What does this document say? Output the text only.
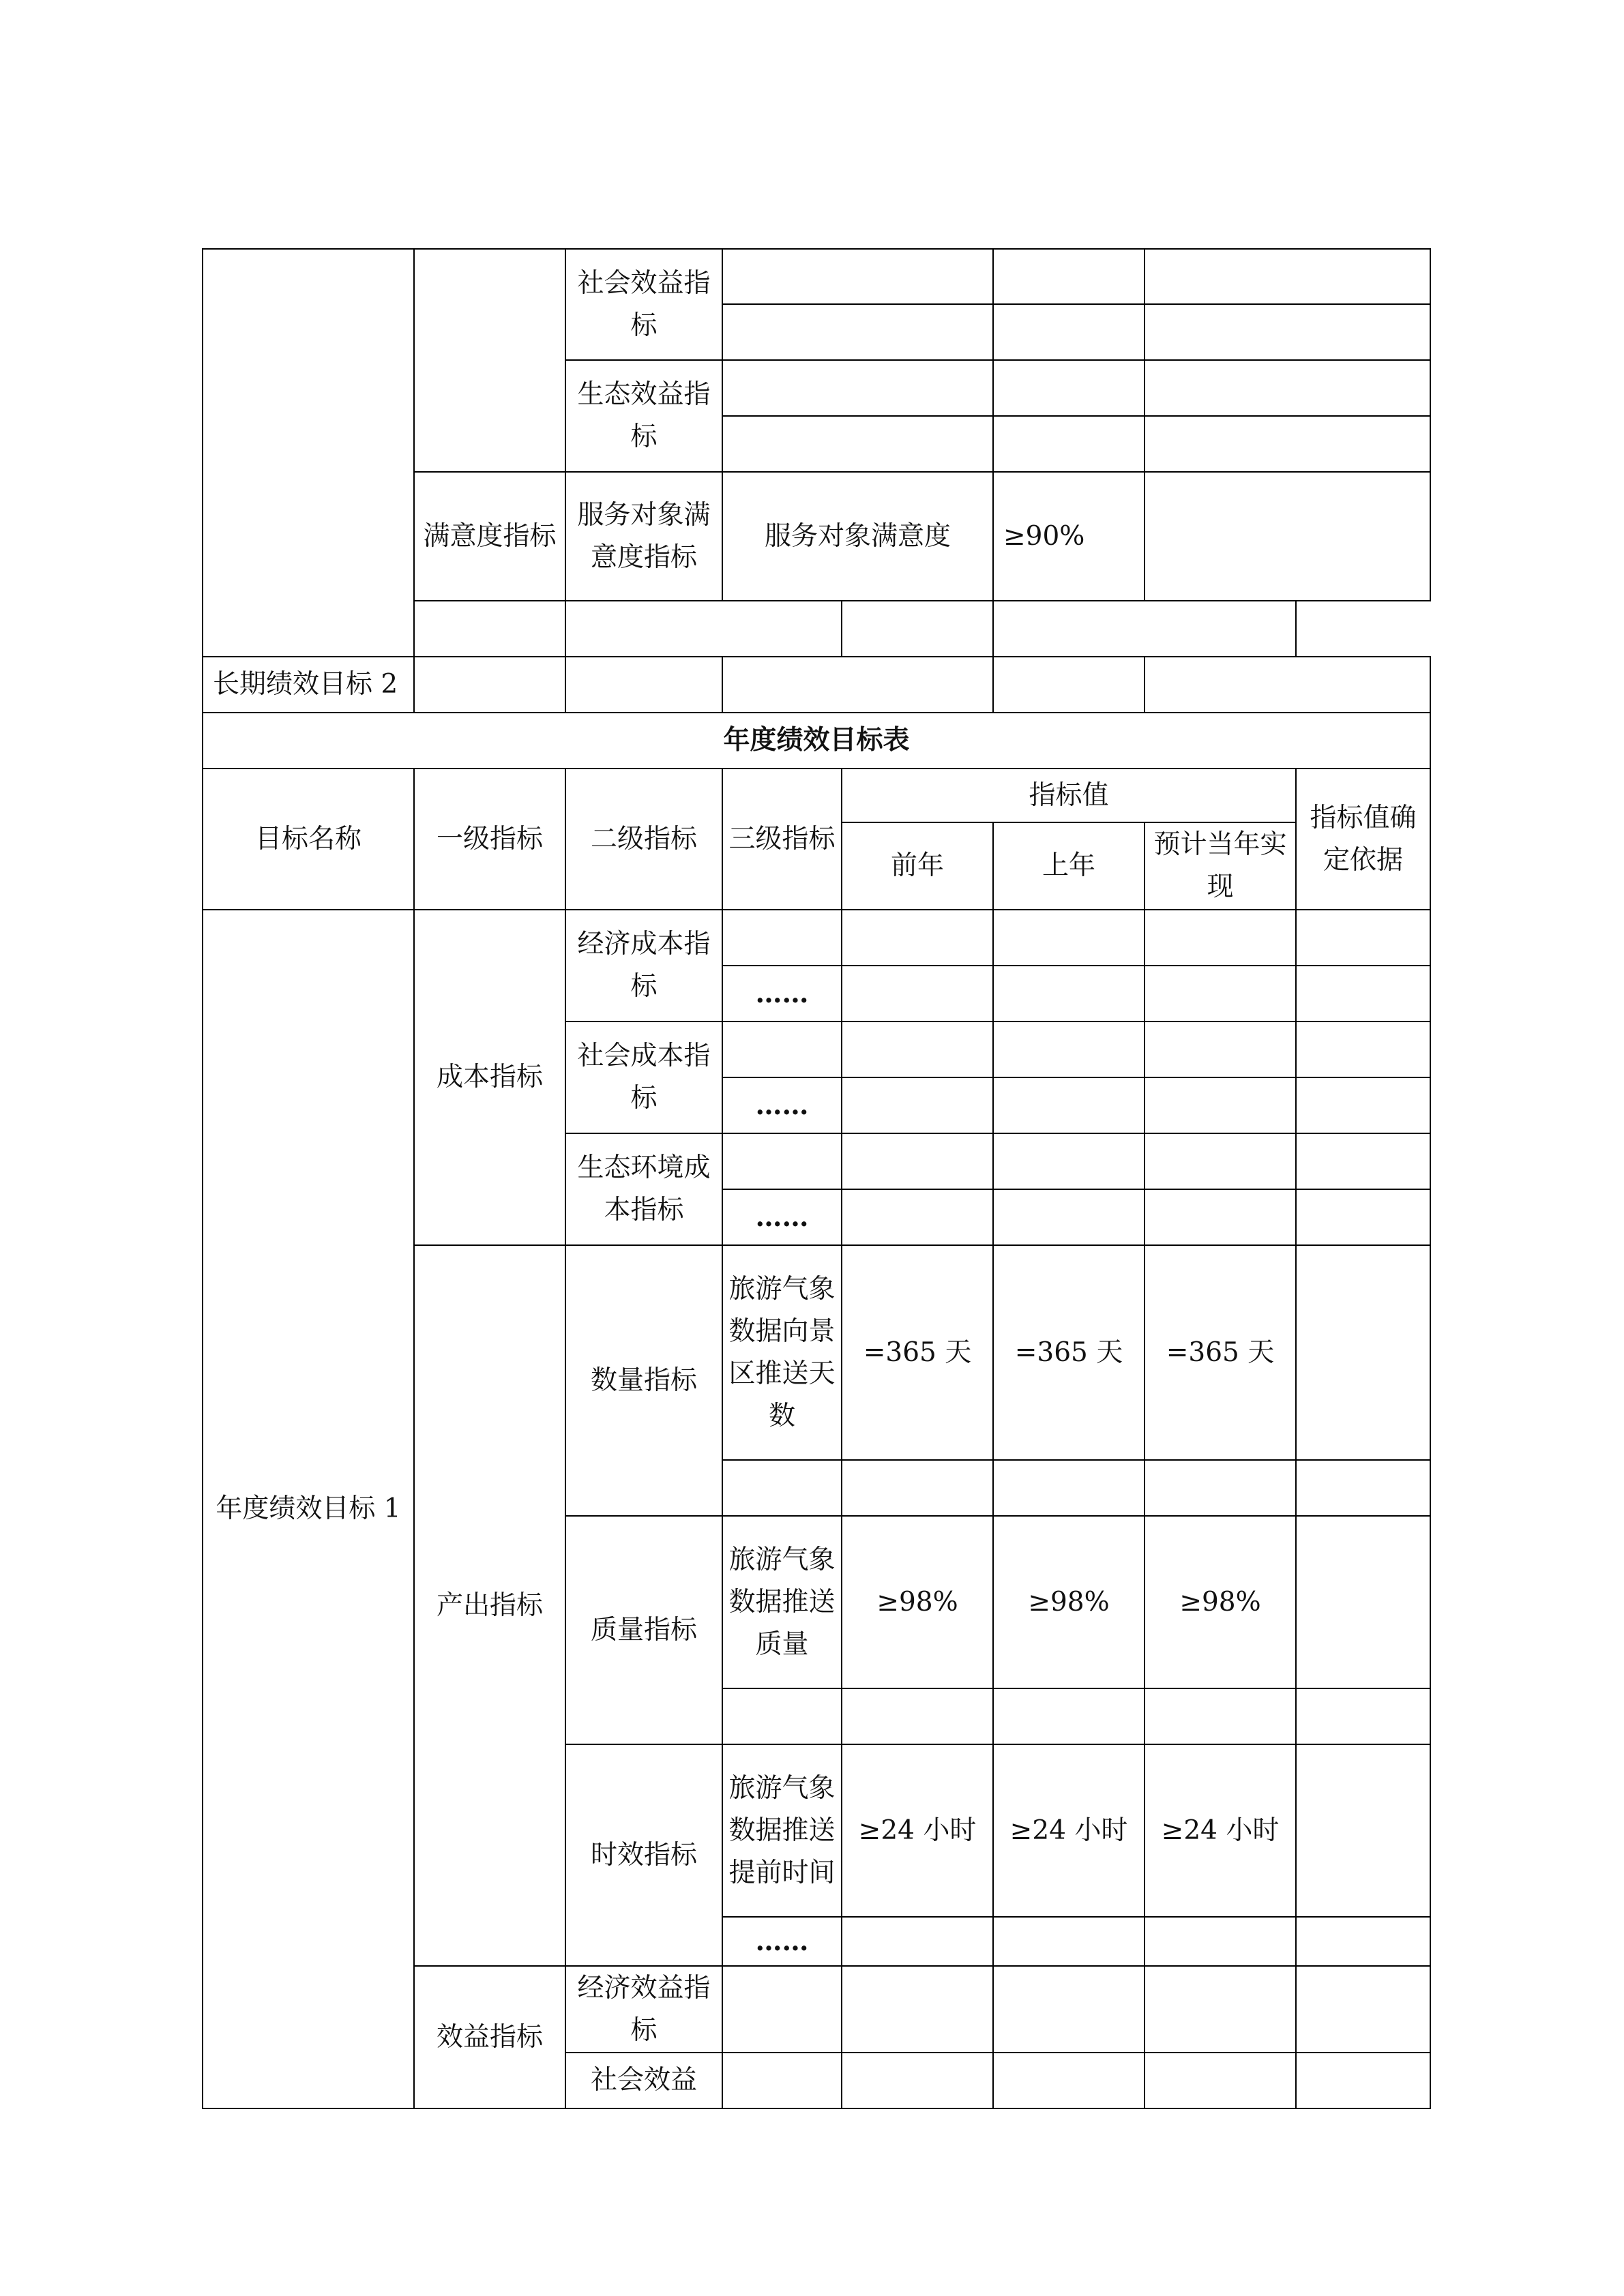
		社会效益指标					

		生态效益指标					

	满意度指标	服务对象满意度指标	服务对象满意度		≥90%		

长期绩效目标 2							
年度绩效目标表							
目标名称	一级指标	二级指标	三级指标	指标值			指标值确定依据
				前年	上年	预计当年实现	
年度绩效目标 1	成本指标	经济成本指标					
			……				
		社会成本指标					
			……				
		生态环境成本指标					
			……				
	产出指标	数量指标	旅游气象数据向景区推送天数	=365 天	=365 天	=365 天	

		质量指标	旅游气象数据推送质量	≥98%	≥98%	≥98%	

		时效指标	旅游气象数据推送提前时间	≥24 小时	≥24 小时	≥24 小时	
			……				
	效益指标	经济效益指标					
		社会效益					
